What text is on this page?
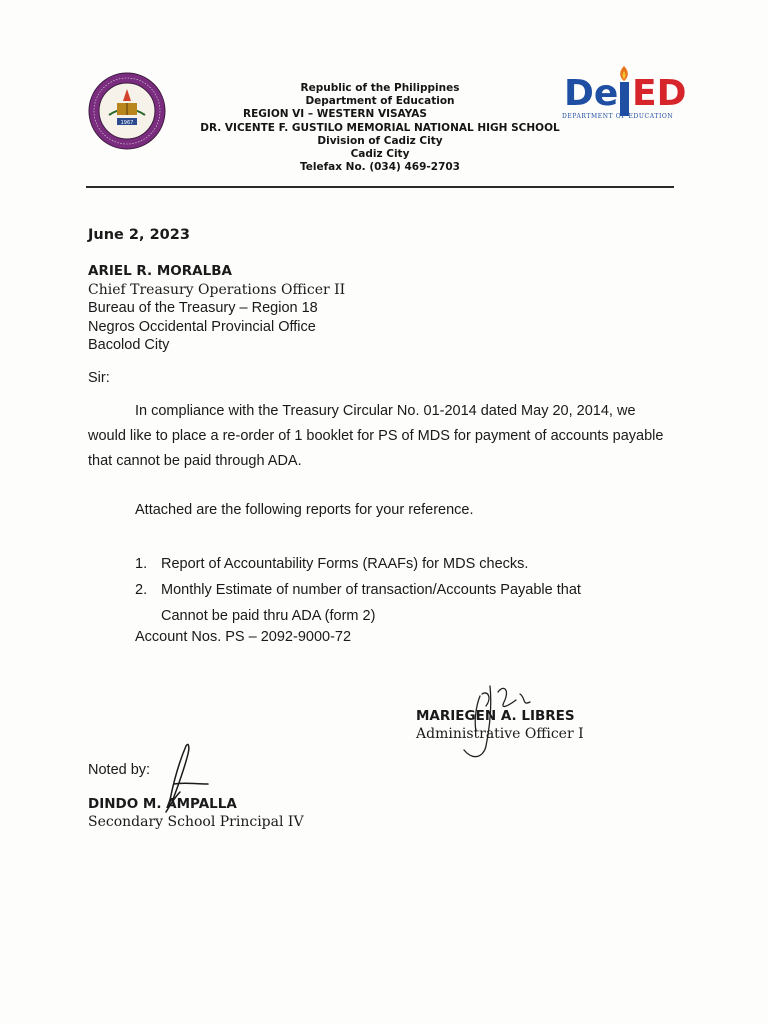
1967
Republic of the Philippines
Department of Education
REGION VI – WESTERN VISAYAS
DR. VICENTE F. GUSTILO MEMORIAL NATIONAL HIGH SCHOOL
Division of Cadiz City
Cadiz City
Telefax No. (034) 469-2703
De ED
DEPARTMENT OF EDUCATION
June 2, 2023
ARIEL R. MORALBA
Chief Treasury Operations Officer II
Bureau of the Treasury – Region 18
Negros Occidental Provincial Office
Bacolod City
Sir:
In compliance with the Treasury Circular No. 01-2014 dated May 20, 2014, we would like to place a re-order of 1 booklet for PS of MDS for payment of accounts payable that cannot be paid through ADA.
Attached are the following reports for your reference.
1. Report of Accountability Forms (RAAFs) for MDS checks.
2. Monthly Estimate of number of transaction/Accounts Payable that
Cannot be paid thru ADA (form 2)
Account Nos. PS – 2092-9000-72
MARIEGEN A. LIBRES
Administrative Officer I
Noted by:
DINDO M. AMPALLA
Secondary School Principal IV
